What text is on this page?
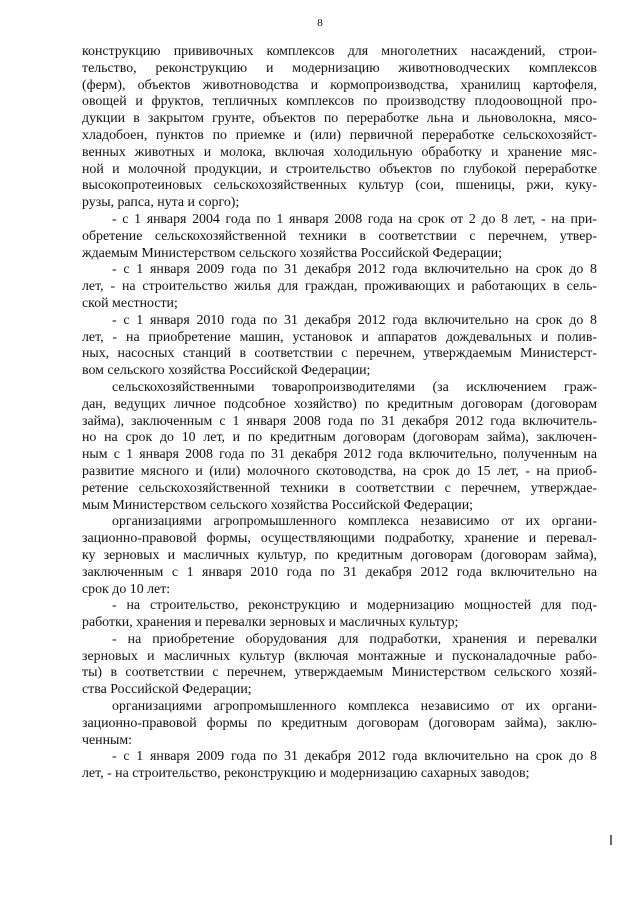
8
конструкцию прививочных комплексов для многолетних насаждений, строи-
тельство, реконструкцию и модернизацию животноводческих комплексов
(ферм), объектов животноводства и кормопроизводства, хранилищ картофеля,
овощей и фруктов, тепличных комплексов по производству плодоовощной про-
дукции в закрытом грунте, объектов по переработке льна и льноволокна, мясо-
хладобоен, пунктов по приемке и (или) первичной переработке сельскохозяйст-
венных животных и молока, включая холодильную обработку и хранение мяс-
ной и молочной продукции, и строительство объектов по глубокой переработке
высокопротеиновых сельскохозяйственных культур (сои, пшеницы, ржи, куку-
рузы, рапса, нута и сорго);
- с 1 января 2004 года по 1 января 2008 года на срок от 2 до 8 лет, - на при-
обретение сельскохозяйственной техники в соответствии с перечнем, утвер-
ждаемым Министерством сельского хозяйства Российской Федерации;
- с 1 января 2009 года по 31 декабря 2012 года включительно на срок до 8
лет, - на строительство жилья для граждан, проживающих и работающих в сель-
ской местности;
- с 1 января 2010 года по 31 декабря 2012 года включительно на срок до 8
лет, - на приобретение машин, установок и аппаратов дождевальных и полив-
ных, насосных станций в соответствии с перечнем, утверждаемым Министерст-
вом сельского хозяйства Российской Федерации;
сельскохозяйственными товаропроизводителями (за исключением граж-
дан, ведущих личное подсобное хозяйство) по кредитным договорам (договорам
займа), заключенным с 1 января 2008 года по 31 декабря 2012 года включитель-
но на срок до 10 лет, и по кредитным договорам (договорам займа), заключен-
ным с 1 января 2008 года по 31 декабря 2012 года включительно, полученным на
развитие мясного и (или) молочного скотоводства, на срок до 15 лет, - на приоб-
ретение сельскохозяйственной техники в соответствии с перечнем, утверждае-
мым Министерством сельского хозяйства Российской Федерации;
организациями агропромышленного комплекса независимо от их органи-
зационно-правовой формы, осуществляющими подработку, хранение и перевал-
ку зерновых и масличных культур, по кредитным договорам (договорам займа),
заключенным с 1 января 2010 года по 31 декабря 2012 года включительно на
срок до 10 лет:
- на строительство, реконструкцию и модернизацию мощностей для под-
работки, хранения и перевалки зерновых и масличных культур;
- на приобретение оборудования для подработки, хранения и перевалки
зерновых и масличных культур (включая монтажные и пусконаладочные рабо-
ты) в соответствии с перечнем, утверждаемым Министерством сельского хозяй-
ства Российской Федерации;
организациями агропромышленного комплекса независимо от их органи-
зационно-правовой формы по кредитным договорам (договорам займа), заклю-
ченным:
- с 1 января 2009 года по 31 декабря 2012 года включительно на срок до 8
лет, - на строительство, реконструкцию и модернизацию сахарных заводов;
